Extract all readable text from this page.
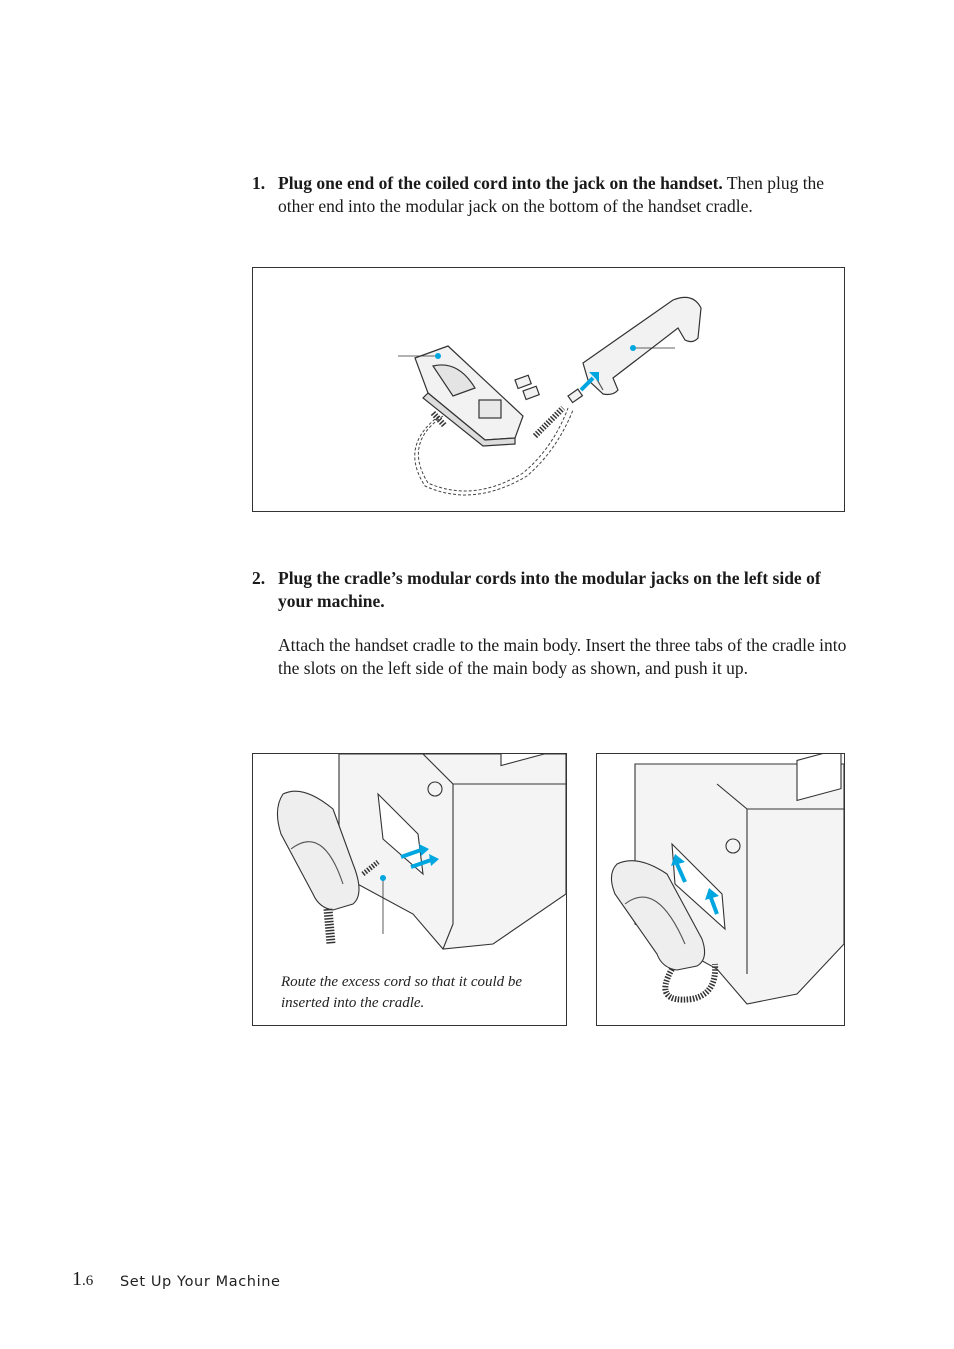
1. Plug one end of the coiled cord into the jack on the handset. Then plug the other end into the modular jack on the bottom of the handset cradle.

2. Plug the cradle’s modular cords into the modular jacks on the left side of your machine.

Attach the handset cradle to the main body. Insert the three tabs of the cradle into the slots on the left side of the main body as shown, and push it up.

Route the excess cord so that it could be inserted into the cradle.
1.6 Set Up Your Machine
